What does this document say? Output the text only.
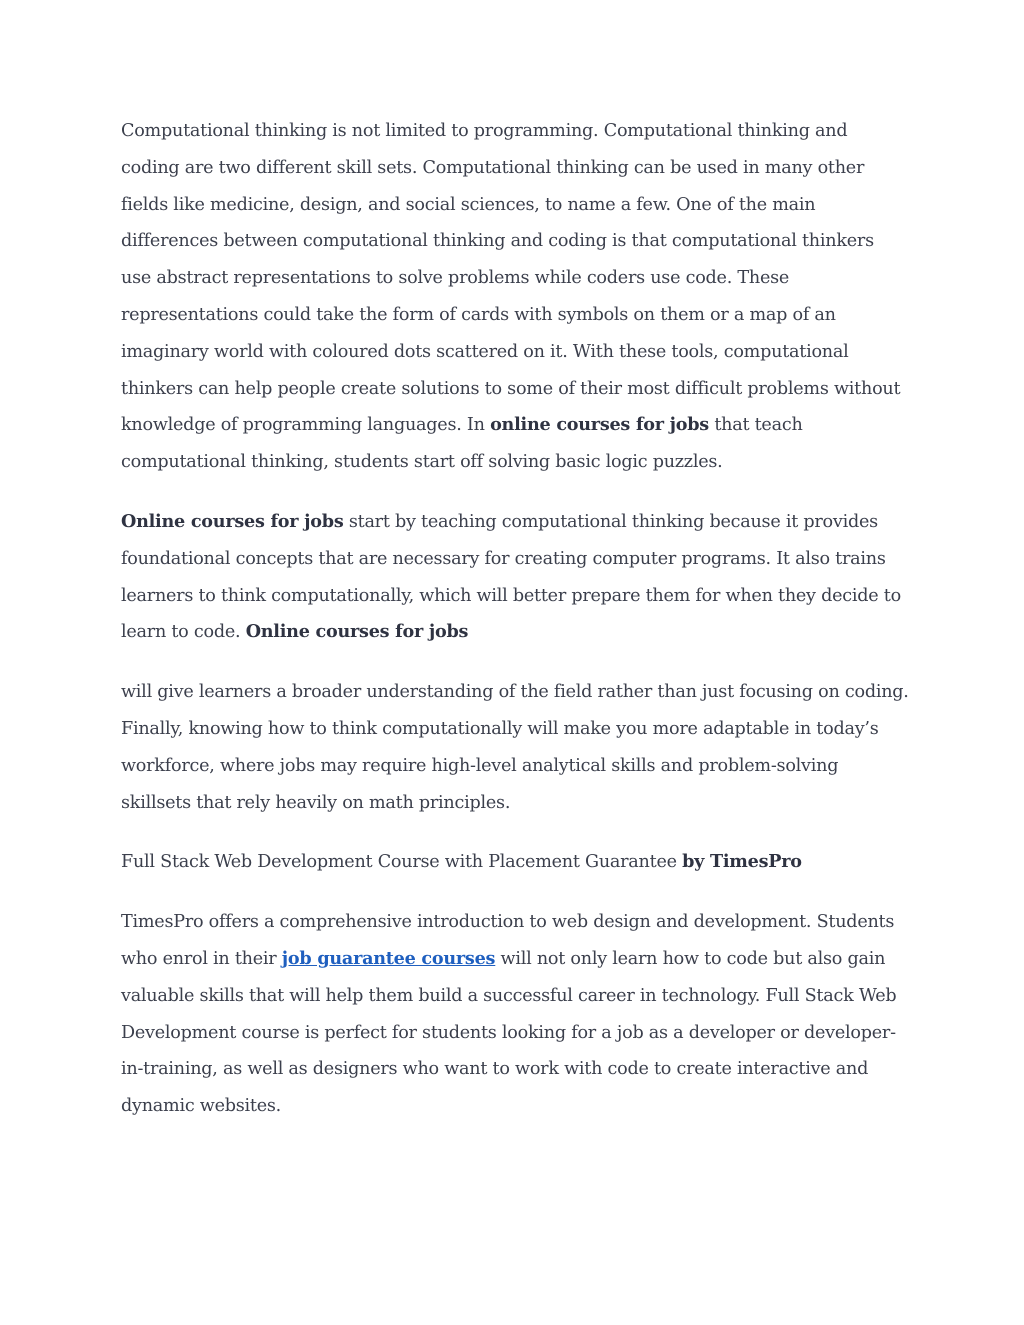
Computational thinking is not limited to programming. Computational thinking and coding are two different skill sets. Computational thinking can be used in many other fields like medicine, design, and social sciences, to name a few. One of the main differences between computational thinking and coding is that computational thinkers use abstract representations to solve problems while coders use code. These representations could take the form of cards with symbols on them or a map of an imaginary world with coloured dots scattered on it. With these tools, computational thinkers can help people create solutions to some of their most difficult problems without knowledge of programming languages. In online courses for jobs that teach computational thinking, students start off solving basic logic puzzles.

Online courses for jobs start by teaching computational thinking because it provides foundational concepts that are necessary for creating computer programs. It also trains learners to think computationally, which will better prepare them for when they decide to learn to code. Online courses for jobs

will give learners a broader understanding of the field rather than just focusing on coding. Finally, knowing how to think computationally will make you more adaptable in today’s workforce, where jobs may require high-level analytical skills and problem-solving skillsets that rely heavily on math principles.

Full Stack Web Development Course with Placement Guarantee by TimesPro

TimesPro offers a comprehensive introduction to web design and development. Students who enrol in their job guarantee courses will not only learn how to code but also gain valuable skills that will help them build a successful career in technology. Full Stack Web Development course is perfect for students looking for a job as a developer or developer-in-training, as well as designers who want to work with code to create interactive and dynamic websites.
